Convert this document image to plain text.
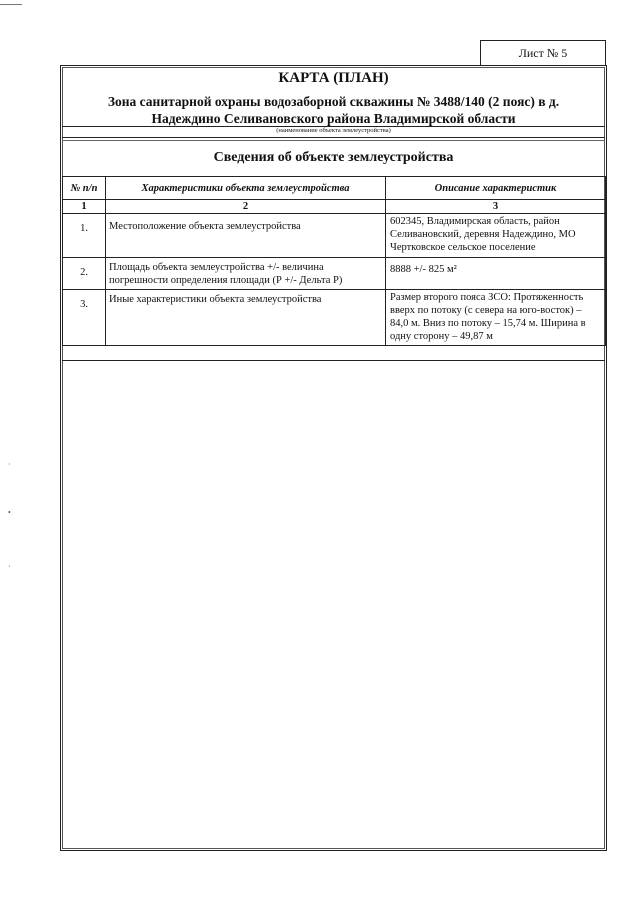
Лист № 5
КАРТА (ПЛАН)
Зона санитарной охраны водозаборной скважины № 3488/140 (2 пояс) в д.
Надеждино Селивановского района Владимирской области
(наименование объекта землеустройства)
Сведения об объекте землеустройства
№ п/п	Характеристики объекта землеустройства	Описание характеристик
1	2	3
1.	Местоположение объекта землеустройства	602345, Владимирская область, район Селивановский, деревня Надеждино, МО Чертковское сельское поселение
2.	Площадь объекта землеустройства +/- величина погрешности определения площади (Р +/- Дельта Р)	8888 +/- 825 м²
3.	Иные характеристики объекта землеустройства	Размер второго пояса ЗСО: Протяженность вверх по потоку (с севера на юго-восток) – 84,0 м. Вниз по потоку – 15,74 м. Ширина в одну сторону – 49,87 м
·
•
·
